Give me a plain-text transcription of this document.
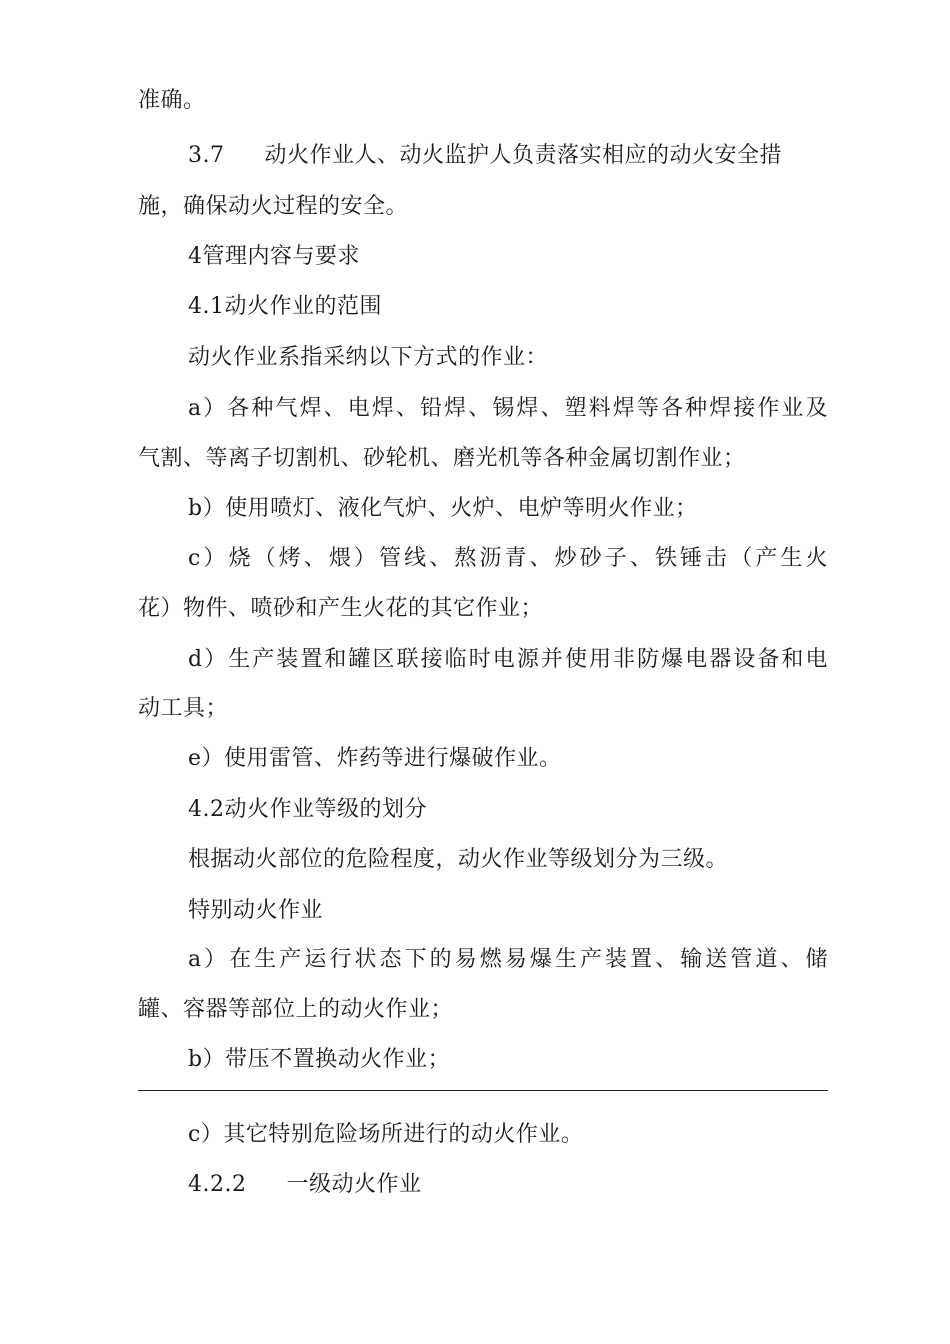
准确。
3.7 动火作业人、动火监护人负责落实相应的动火安全措
施，确保动火过程的安全。
4管理内容与要求
4.1动火作业的范围
动火作业系指采纳以下方式的作业：
a）各种气焊、电焊、铅焊、锡焊、塑料焊等各种焊接作业及
气割、等离子切割机、砂轮机、磨光机等各种金属切割作业；
b）使用喷灯、液化气炉、火炉、电炉等明火作业；
c）烧（烤、煨）管线、熬沥青、炒砂子、铁锤击（产生火
花）物件、喷砂和产生火花的其它作业；
d）生产装置和罐区联接临时电源并使用非防爆电器设备和电
动工具；
e）使用雷管、炸药等进行爆破作业。
4.2动火作业等级的划分
根据动火部位的危险程度，动火作业等级划分为三级。
特别动火作业
a）在生产运行状态下的易燃易爆生产装置、输送管道、储
罐、容器等部位上的动火作业；
b）带压不置换动火作业；
c）其它特别危险场所进行的动火作业。
4.2.2 一级动火作业
